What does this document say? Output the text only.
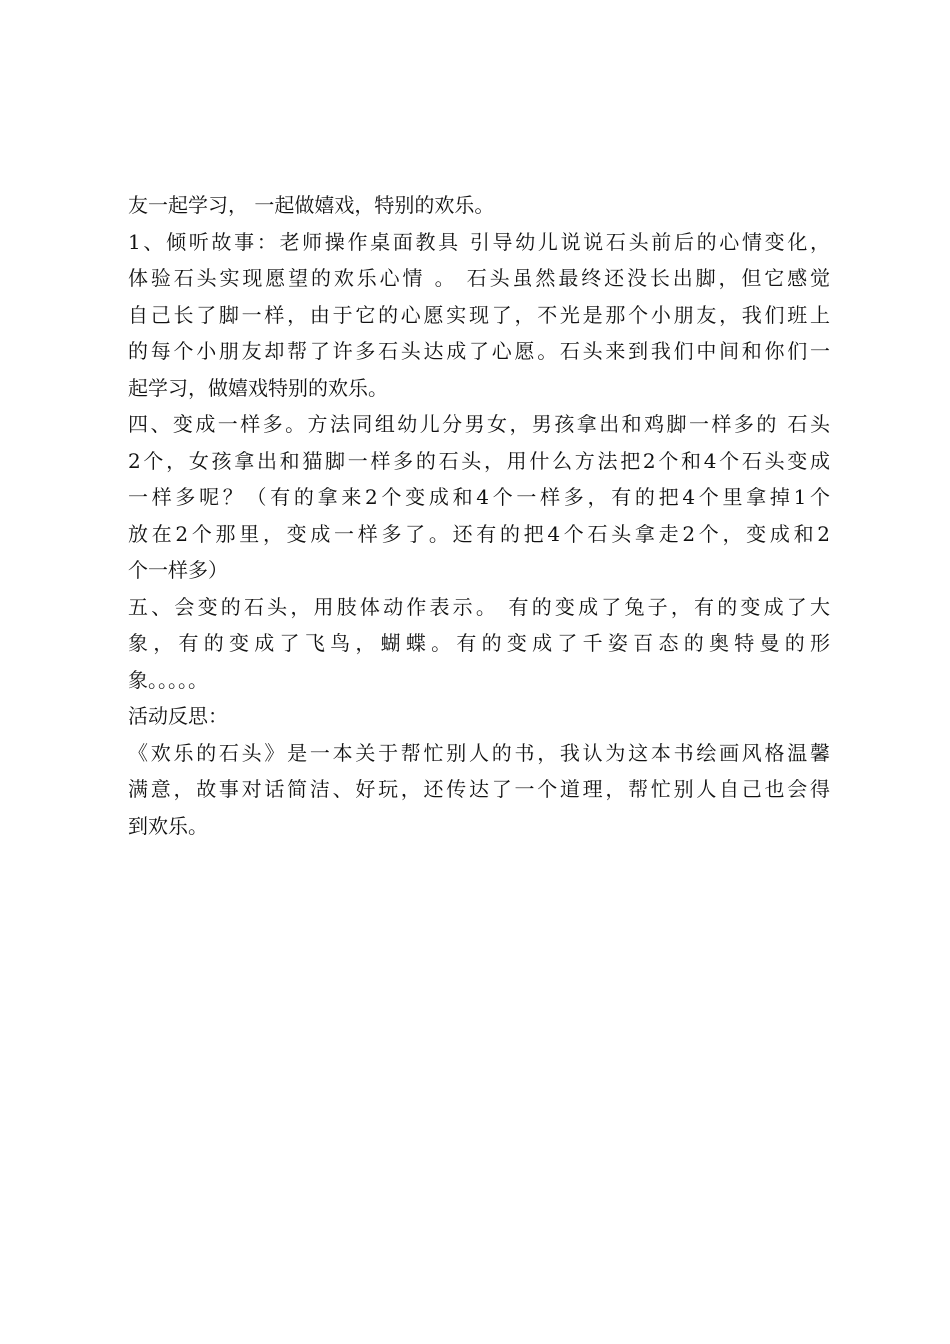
友一起学习， 一起做嬉戏，特别的欢乐。
1、倾听故事：老师操作桌面教具 引导幼儿说说石头前后的心情变化，
体验石头实现愿望的欢乐心情 。 石头虽然最终还没长出脚，但它感觉
自己长了脚一样，由于它的心愿实现了，不光是那个小朋友，我们班上
的每个小朋友却帮了许多石头达成了心愿。石头来到我们中间和你们一
起学习，做嬉戏特别的欢乐。
四、变成一样多。方法同组幼儿分男女，男孩拿出和鸡脚一样多的 石头
2个，女孩拿出和猫脚一样多的石头，用什么方法把2个和4个石头变成
一样多呢？（有的拿来2个变成和4个一样多，有的把4个里拿掉1个
放在2个那里，变成一样多了。还有的把4个石头拿走2个，变成和2
个一样多）
五、会变的石头，用肢体动作表示。 有的变成了兔子，有的变成了大
象，有的变成了飞鸟，蝴蝶。有的变成了千姿百态的奥特曼的形
象。。。。。
活动反思：
《欢乐的石头》是一本关于帮忙别人的书，我认为这本书绘画风格温馨
满意，故事对话简洁、好玩，还传达了一个道理，帮忙别人自己也会得
到欢乐。
